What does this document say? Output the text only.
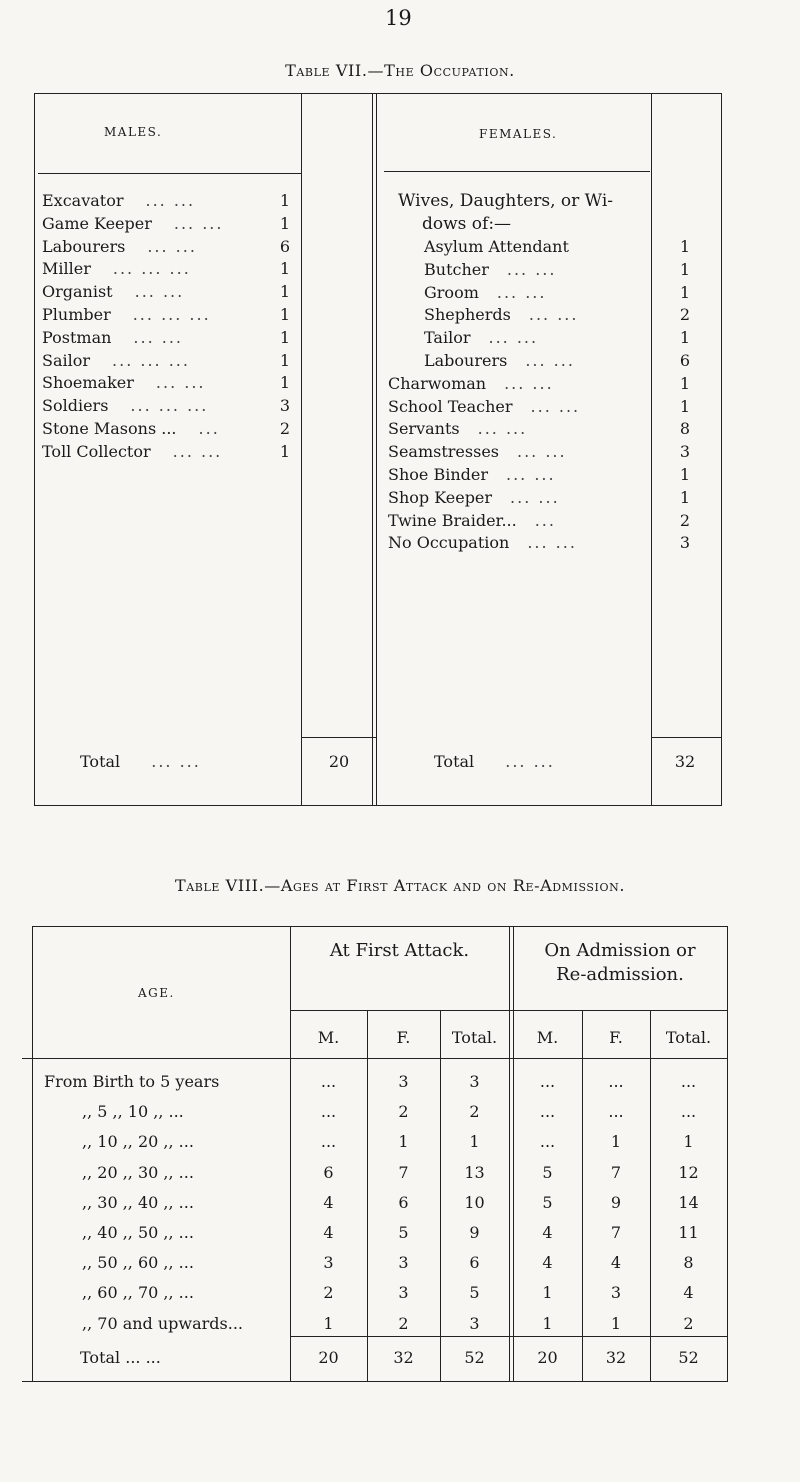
19
Table VII.—The Occupation.
MALES.	FEMALES.
Excavator ... ...	1
Game Keeper ... ...	1
Labourers ... ...	6
Miller ... ... ...	1
Organist ... ...	1
Plumber ... ... ...	1
Postman ... ...	1
Sailor ... ... ...	1
Shoemaker ... ...	1
Soldiers ... ... ...	3
Stone Masons ... ...	2
Toll Collector ... ...	1
Wives, Daughters, or Wi-
dows of:—
Asylum Attendant	1
Butcher ... ...	1
Groom ... ...	1
Shepherds ... ...	2
Tailor ... ...	1
Labourers ... ...	6
Charwoman ... ...	1
School Teacher ... ...	1
Servants ... ...	8
Seamstresses ... ...	3
Shoe Binder ... ...	1
Shop Keeper ... ...	1
Twine Braider... ...	2
No Occupation ... ...	3
Total ... ...	20	Total ... ...	32
Table VIII.—Ages at First Attack and on Re-Admission.
AGE.
At First Attack.	On Admission or
Re-admission.
M.	F.	Total.	M.	F.	Total.
From Birth to 5 years	...	3	3	...	...	...
,, 5 ,, 10 ,, ...	...	2	2	...	...	...
,, 10 ,, 20 ,, ...	...	1	1	...	1	1
,, 20 ,, 30 ,, ...	6	7	13	5	7	12
,, 30 ,, 40 ,, ...	4	6	10	5	9	14
,, 40 ,, 50 ,, ...	4	5	9	4	7	11
,, 50 ,, 60 ,, ...	3	3	6	4	4	8
,, 60 ,, 70 ,, ...	2	3	5	1	3	4
,, 70 and upwards...	1	2	3	1	1	2
Total ... ...	20	32	52	20	32	52
